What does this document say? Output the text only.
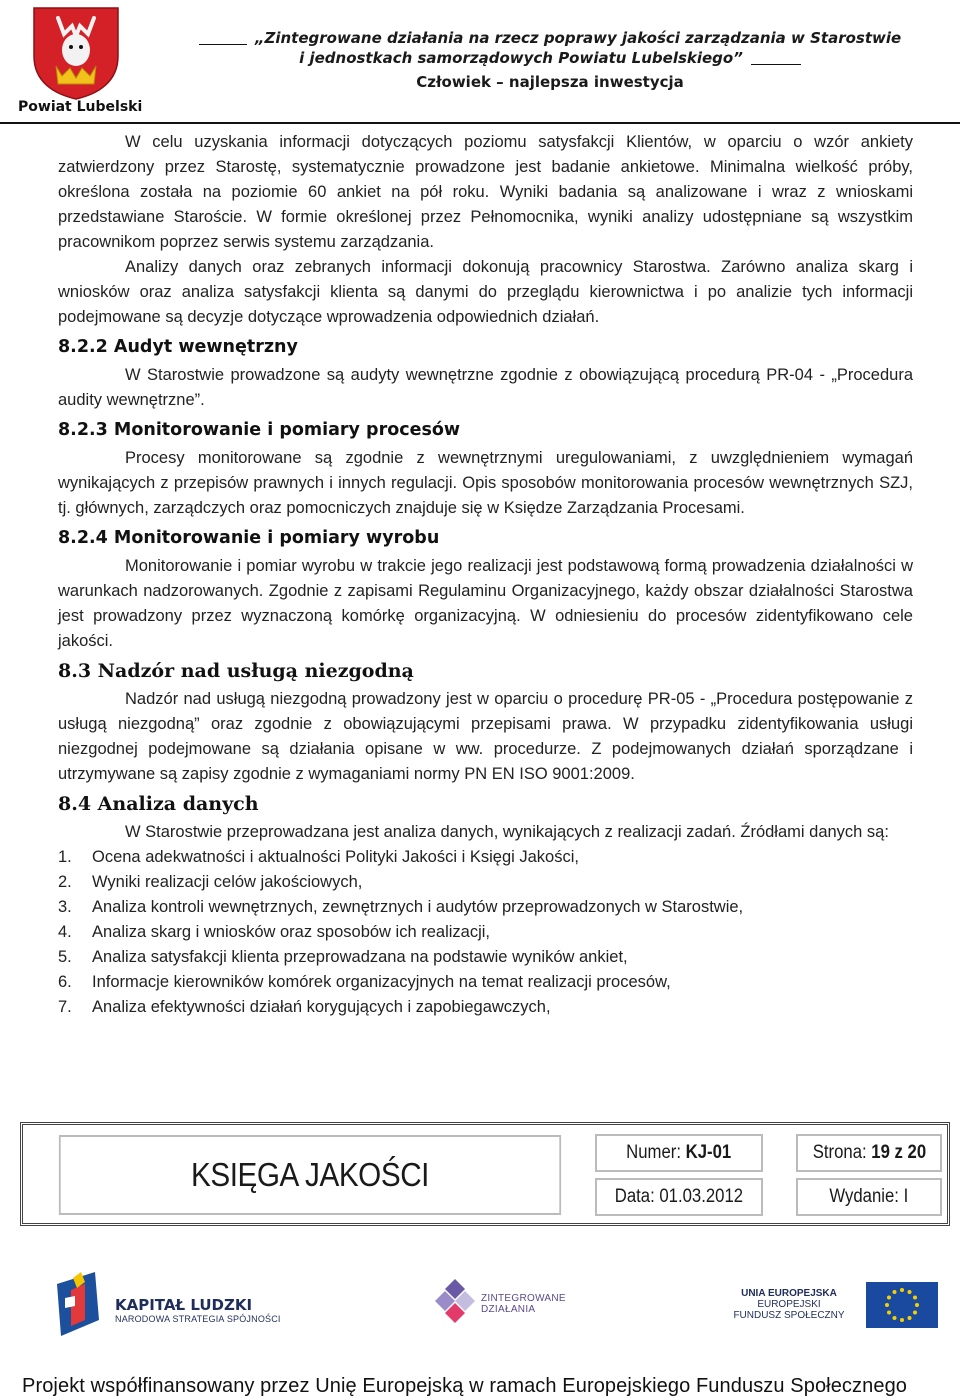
Powiat Lubelski
„Zintegrowane działania na rzecz poprawy jakości zarządzania w Starostwie
i jednostkach samorządowych Powiatu Lubelskiego”
Człowiek – najlepsza inwestycja

W celu uzyskania informacji dotyczących poziomu satysfakcji Klientów, w oparciu o wzór ankiety zatwierdzony przez Starostę, systematycznie prowadzone jest badanie ankietowe. Minimalna wielkość próby, określona została na poziomie 60 ankiet na pół roku. Wyniki badania są analizowane i wraz z wnioskami przedstawiane Staroście. W formie określonej przez Pełnomocnika, wyniki analizy udostępniane są wszystkim pracownikom poprzez serwis systemu zarządzania.

Analizy danych oraz zebranych informacji dokonują pracownicy Starostwa. Zarówno analiza skarg i wniosków oraz analiza satysfakcji klienta są danymi do przeglądu kierownictwa i po analizie tych informacji podejmowane są decyzje dotyczące wprowadzenia odpowiednich działań.

8.2.2 Audyt wewnętrzny

W Starostwie prowadzone są audyty wewnętrzne zgodnie z obowiązującą procedurą PR-04 - „Procedura audity wewnętrzne”.

8.2.3 Monitorowanie i pomiary procesów

Procesy monitorowane są zgodnie z wewnętrznymi uregulowaniami, z uwzględnieniem wymagań wynikających z przepisów prawnych i innych regulacji. Opis sposobów monitorowania procesów wewnętrznych SZJ, tj. głównych, zarządczych oraz pomocniczych znajduje się w Księdze Zarządzania Procesami.

8.2.4 Monitorowanie i pomiary wyrobu

Monitorowanie i pomiar wyrobu w trakcie jego realizacji jest podstawową formą prowadzenia działalności w warunkach nadzorowanych. Zgodnie z zapisami Regulaminu Organizacyjnego, każdy obszar działalności Starostwa jest prowadzony przez wyznaczoną komórkę organizacyjną. W odniesieniu do procesów zidentyfikowano cele jakości.

8.3 Nadzór nad usługą niezgodną

Nadzór nad usługą niezgodną prowadzony jest w oparciu o procedurę PR-05 - „Procedura postępowanie z usługą niezgodną” oraz zgodnie z obowiązującymi przepisami prawa. W przypadku zidentyfikowania usługi niezgodnej podejmowane są działania opisane w ww. procedurze. Z podejmowanych działań sporządzane i utrzymywane są zapisy zgodnie z wymaganiami normy PN EN ISO 9001:2009.

8.4 Analiza danych

W Starostwie przeprowadzana jest analiza danych, wynikających z realizacji zadań. Źródłami danych są:

1.	Ocena adekwatności i aktualności Polityki Jakości i Księgi Jakości,
2.	Wyniki realizacji celów jakościowych,
3.	Analiza kontroli wewnętrznych, zewnętrznych i audytów przeprowadzonych w Starostwie,
4.	Analiza skarg i wniosków oraz sposobów ich realizacji,
5.	Analiza satysfakcji klienta przeprowadzana na podstawie wyników ankiet,
6.	Informacje kierowników komórek organizacyjnych na temat realizacji procesów,
7.	Analiza efektywności działań korygujących i zapobiegawczych,
KSIĘGA JAKOŚCI
Numer: KJ-01	Strona: 19 z 20
Data: 01.03.2012	Wydanie: I
KAPITAŁ LUDZKI
NARODOWA STRATEGIA SPÓJNOŚCI
ZINTEGROWANE
DZIAŁANIA
UNIA EUROPEJSKA
EUROPEJSKI
FUNDUSZ SPOŁECZNY
Projekt współfinansowany przez Unię Europejską w ramach Europejskiego Funduszu Społecznego
